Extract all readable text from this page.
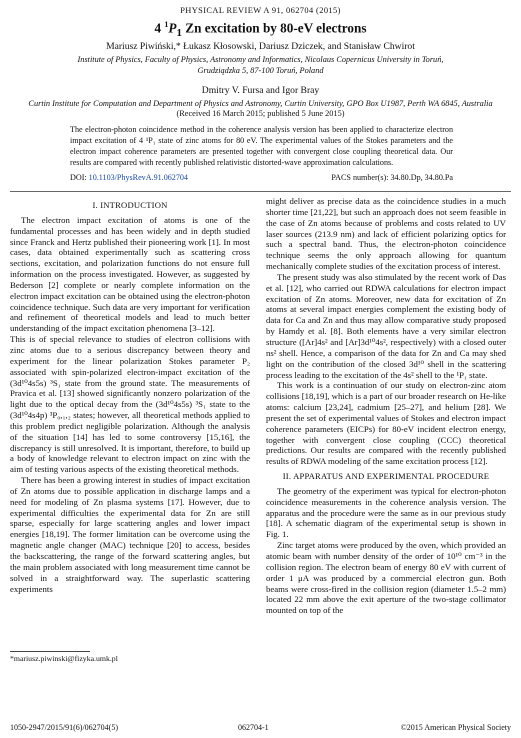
PHYSICAL REVIEW A 91, 062704 (2015)
4 $^1P_1$ Zn excitation by 80-eV electrons
Mariusz Piwiński,* Łukasz Kłosowski, Dariusz Dziczek, and Stanisław Chwirot
Institute of Physics, Faculty of Physics, Astronomy and Informatics, Nicolaus Copernicus University in Toruń,
Grudziądzka 5, 87-100 Toruń, Poland
Dmitry V. Fursa and Igor Bray
Curtin Institute for Computation and Department of Physics and Astronomy, Curtin University, GPO Box U1987, Perth WA 6845, Australia
(Received 16 March 2015; published 5 June 2015)
The electron-photon coincidence method in the coherence analysis version has been applied to characterize electron impact excitation of 4 ¹P₁ state of zinc atoms for 80 eV. The experimental values of the Stokes parameters and the electron impact coherence parameters are presented together with convergent close coupling theoretical data. Our results are compared with recently published relativistic distorted-wave approximation calculations.
DOI: 10.1103/PhysRevA.91.062704	PACS number(s): 34.80.Dp, 34.80.Pa
I. INTRODUCTION

The electron impact excitation of atoms is one of the fundamental processes and has been widely and in depth studied since Franck and Hertz published their pioneering work [1]. In most cases, data obtained experimentally such as scattering cross sections, excitation, and polarization functions do not ensure full information on the process investigated. However, as suggested by Bederson [2] complete or nearly complete information on the electron impact excitation can be obtained using the electron-photon coincidence technique. Such data are very important for verification and refinement of theoretical models and lead to much better understanding of the impact excitation phenomena [3–12].

This is of special relevance to studies of electron collisions with zinc atoms due to a serious discrepancy between theory and experiment for the linear polarization Stokes parameter P₂ associated with spin-polarized electron-impact excitation of the (3d¹⁰4s5s) ³S₁ state from the ground state. The measurements of Pravica et al. [13] showed significantly nonzero polarization of the light due to the optical decay from the (3d¹⁰4s5s) ³S₁ state to the (3d¹⁰4s4p) ³P₀,₁,₂ states; however, all theoretical methods applied to this problem predict negligible polarization. Although the analysis of the situation [14] has led to some controversy [15,16], the discrepancy is still unresolved. It is important, therefore, to build up a body of knowledge relevant to electron impact on zinc with the aim of testing various aspects of the existing theoretical methods.

There has been a growing interest in studies of impact excitation of Zn atoms due to possible application in discharge lamps and a need for modeling of Zn plasma systems [17]. However, due to experimental difficulties the experimental data for Zn are still sparse, especially for large scattering angles and lower impact energies [18,19]. The former limitation can be overcome using the magnetic angle changer (MAC) technique [20] to access, besides the backscattering, the range of the forward scattering angles, but the main problem associated with long measurement time cannot be solved in a straightforward way. The superlastic scattering experiments

might deliver as precise data as the coincidence studies in a much shorter time [21,22], but such an approach does not seem feasible in the case of Zn atoms because of problems and costs related to UV laser sources (213.9 nm) and lack of efficient polarizing optics for such a spectral band. Thus, the electron-photon coincidence technique seems the only approach allowing for quantum mechanically complete studies of the excitation process of interest.

The present study was also stimulated by the recent work of Das et al. [12], who carried out RDWA calculations for electron impact excitation of Zn atoms. Moreover, new data for excitation of Zn atoms at several impact energies complement the existing body of data for Ca and Zn and thus may allow comparative study proposed by Hamdy et al. [8]. Both elements have a very similar electron structure ([Ar]4s² and [Ar]3d¹⁰4s², respectively) with a closed outer ns² shell. Hence, a comparison of the data for Zn and Ca may shed light on the contribution of the closed 3d¹⁰ shell in the scattering process leading to the excitation of the 4s² shell to the ¹P₁ state.

This work is a continuation of our study on electron-zinc atom collisions [18,19], which is a part of our broader research on He-like atoms: calcium [23,24], cadmium [25–27], and helium [28]. We present the set of experimental values of Stokes and electron impact coherence parameters (EICPs) for 80-eV incident electron energy, together with convergent close coupling (CCC) theoretical predictions. Our results are compared with the recently published results of RDWA modeling of the same excitation process [12].

II. APPARATUS AND EXPERIMENTAL PROCEDURE

The geometry of the experiment was typical for electron-photon coincidence measurements in the coherence analysis version. The apparatus and the procedure were the same as in our previous study [18]. A schematic diagram of the experimental setup is shown in Fig. 1.

Zinc target atoms were produced by the oven, which provided an atomic beam with number density of the order of 10¹⁰ cm⁻³ in the collision region. The electron beam of energy 80 eV with current of order 1 μA was produced by a commercial electron gun. Both beams were cross-fired in the collision region (diameter 1.5–2 mm) located 22 mm above the exit aperture of the two-stage collimator mounted on top of the

*mariusz.piwinski@fizyka.umk.pl
1050-2947/2015/91(6)/062704(5)	062704-1	©2015 American Physical Society
